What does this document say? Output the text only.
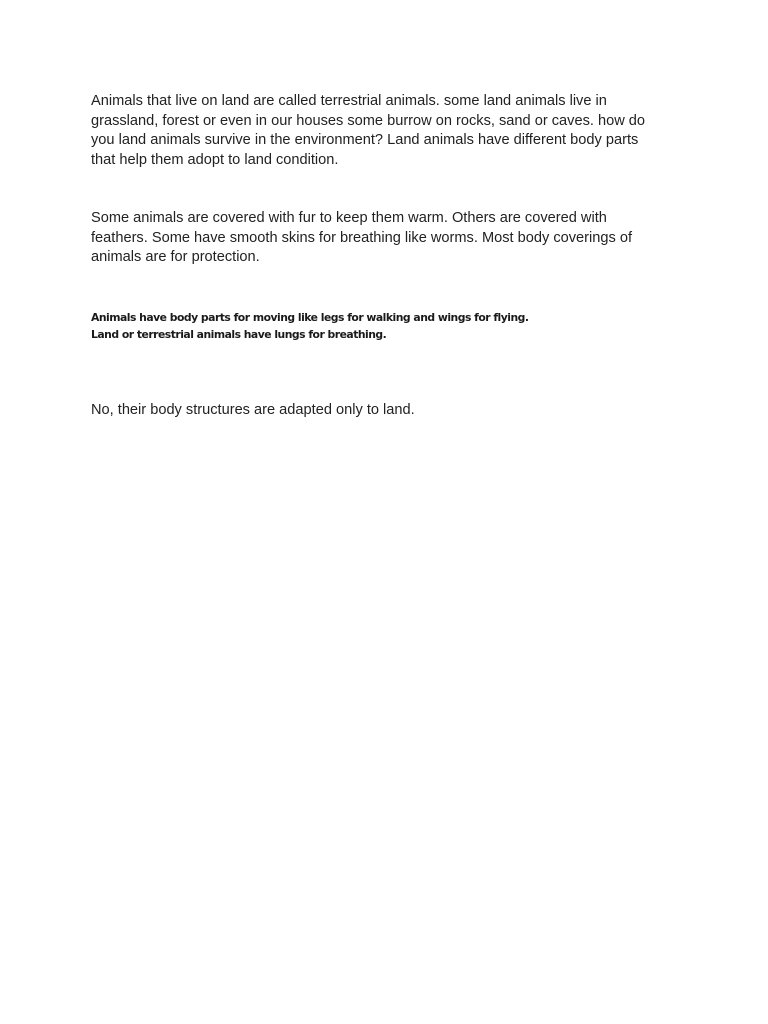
Animals that live on land are called terrestrial animals. some land animals live in
grassland, forest or even in our houses some burrow on rocks, sand or caves. how do
you land animals survive in the environment? Land animals have different body parts
that help them adopt to land condition.

Some animals are covered with fur to keep them warm. Others are covered with
feathers. Some have smooth skins for breathing like worms. Most body coverings of
animals are for protection.

Animals have body parts for moving like legs for walking and wings for flying.
Land or terrestrial animals have lungs for breathing.

No, their body structures are adapted only to land.
